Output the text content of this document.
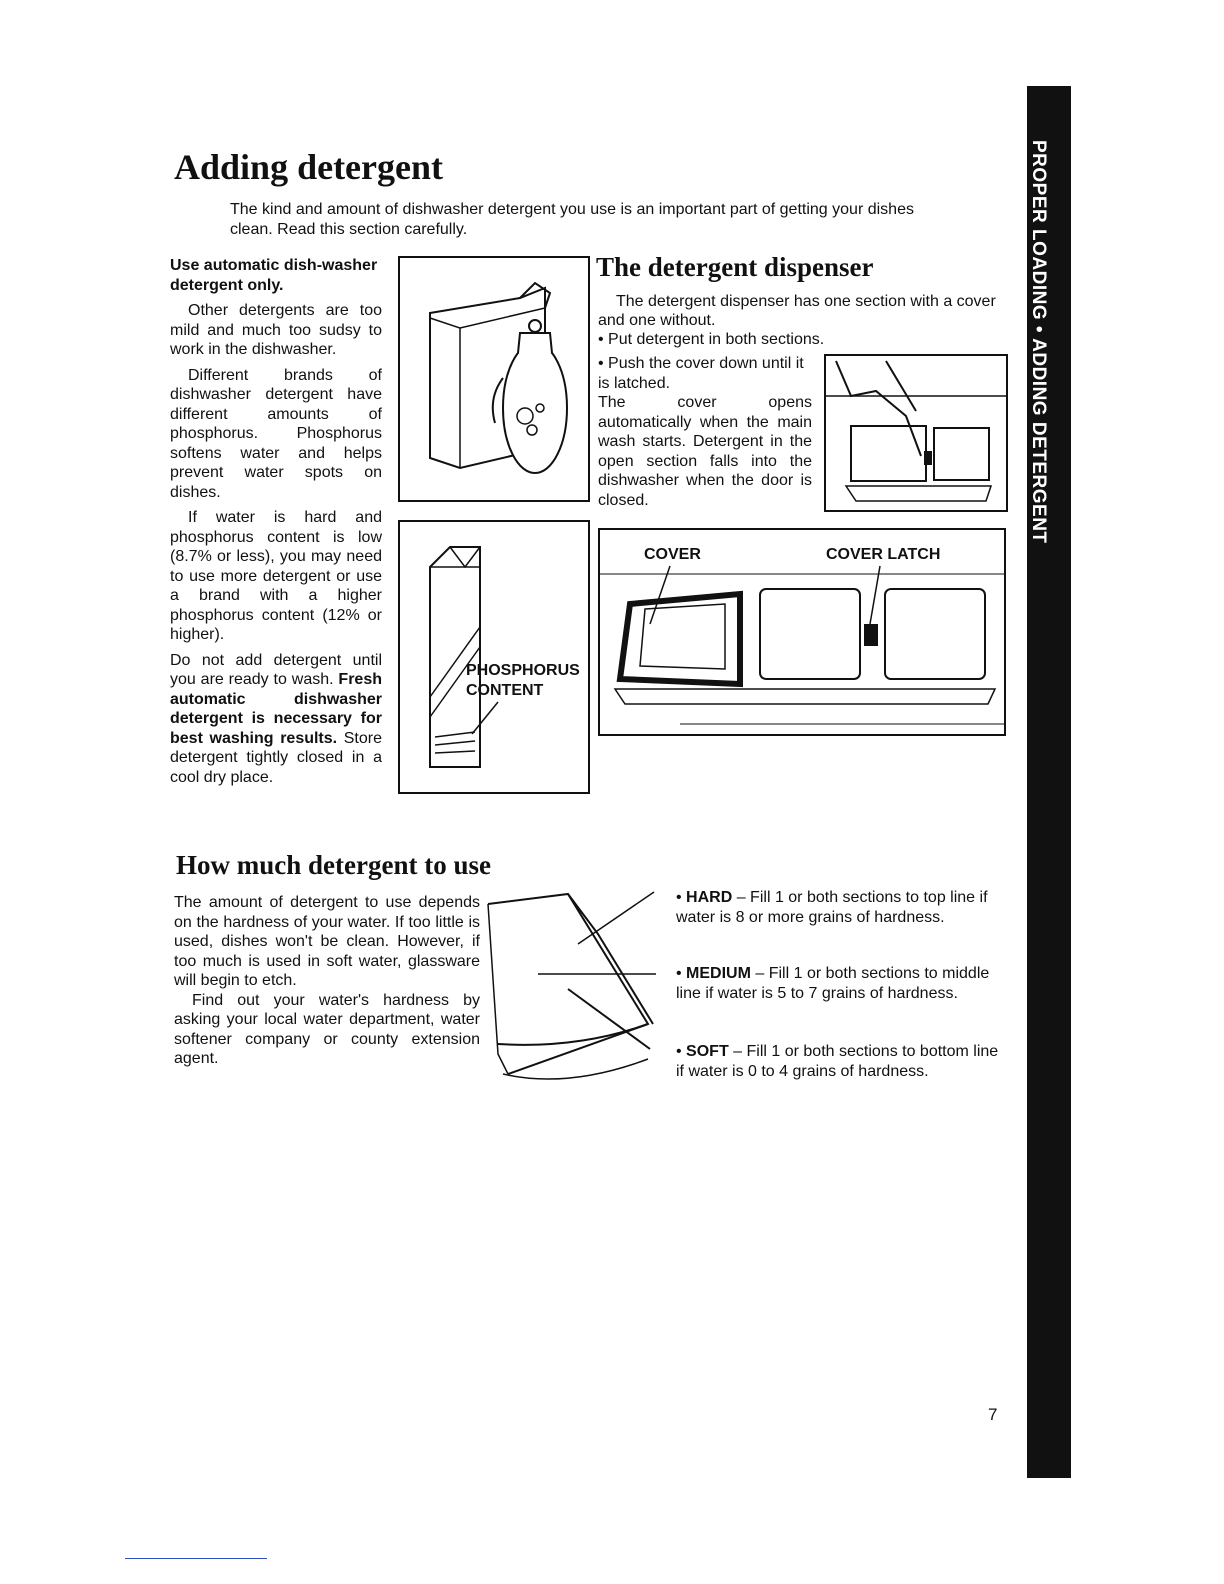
Adding detergent
The kind and amount of dishwasher detergent you use is an important part of getting your dishes clean. Read this section carefully.

Use automatic dish-washer detergent only.

Other detergents are too mild and much too sudsy to work in the dishwasher.

Different brands of dishwasher detergent have different amounts of phosphorus. Phosphorus softens water and helps prevent water spots on dishes.

If water is hard and phosphorus content is low (8.7% or less), you may need to use more detergent or use a brand with a higher phosphorus content (12% or higher).

Do not add detergent until you are ready to wash. Fresh automatic dishwasher detergent is necessary for best washing results. Store detergent tightly closed in a cool dry place.

PHOSPHORUS
CONTENT
The detergent dispenser

The detergent dispenser has one section with a cover and one without.

• Put detergent in both sections.

• Push the cover down until it is latched.

The cover opens automatically when the main wash starts. Detergent in the open section falls into the dishwasher when the door is closed.

COVER	COVER LATCH
How much detergent to use

The amount of detergent to use depends on the hardness of your water. If too little is used, dishes won't be clean. However, if too much is used in soft water, glassware will begin to etch.

Find out your water's hardness by asking your local water department, water softener company or county extension agent.

• HARD – Fill 1 or both sections to top line if water is 8 or more grains of hardness.

• MEDIUM – Fill 1 or both sections to middle line if water is 5 to 7 grains of hardness.

• SOFT – Fill 1 or both sections to bottom line if water is 0 to 4 grains of hardness.

PROPER LOADING • ADDING DETERGENT
7
